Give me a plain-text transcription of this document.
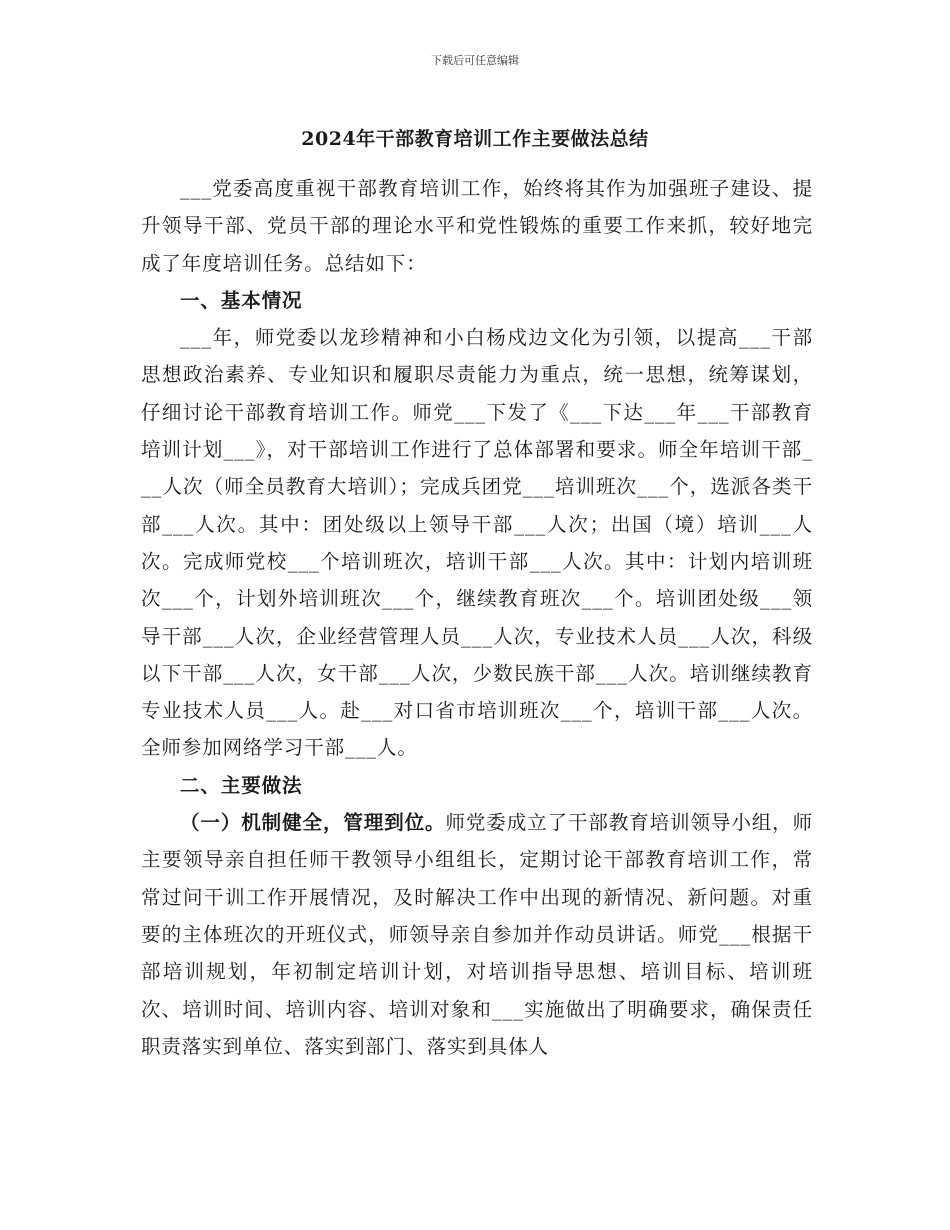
下载后可任意编辑
2024年干部教育培训工作主要做法总结

___党委高度重视干部教育培训工作，始终将其作为加强班子建设、提升领导干部、党员干部的理论水平和党性锻炼的重要工作来抓，较好地完成了年度培训任务。总结如下：

一、基本情况

___年，师党委以龙珍精神和小白杨戍边文化为引领，以提高___干部思想政治素养、专业知识和履职尽责能力为重点，统一思想，统筹谋划，仔细讨论干部教育培训工作。师党___下发了《___下达___年___干部教育培训计划___》，对干部培训工作进行了总体部署和要求。师全年培训干部___人次（师全员教育大培训）；完成兵团党___培训班次___个，选派各类干部___人次。其中：团处级以上领导干部___人次；出国（境）培训___人次。完成师党校___个培训班次，培训干部___人次。其中：计划内培训班次___个，计划外培训班次___个，继续教育班次___个。培训团处级___领导干部___人次，企业经营管理人员___人次，专业技术人员___人次，科级以下干部___人次，女干部___人次，少数民族干部___人次。培训继续教育专业技术人员___人。赴___对口省市培训班次___个，培训干部___人次。全师参加网络学习干部___人。

二、主要做法

（一）机制健全，管理到位。师党委成立了干部教育培训领导小组，师主要领导亲自担任师干教领导小组组长，定期讨论干部教育培训工作，常常过问干训工作开展情况，及时解决工作中出现的新情况、新问题。对重要的主体班次的开班仪式，师领导亲自参加并作动员讲话。师党___根据干部培训规划，年初制定培训计划，对培训指导思想、培训目标、培训班次、培训时间、培训内容、培训对象和___实施做出了明确要求，确保责任职责落实到单位、落实到部门、落实到具体人
